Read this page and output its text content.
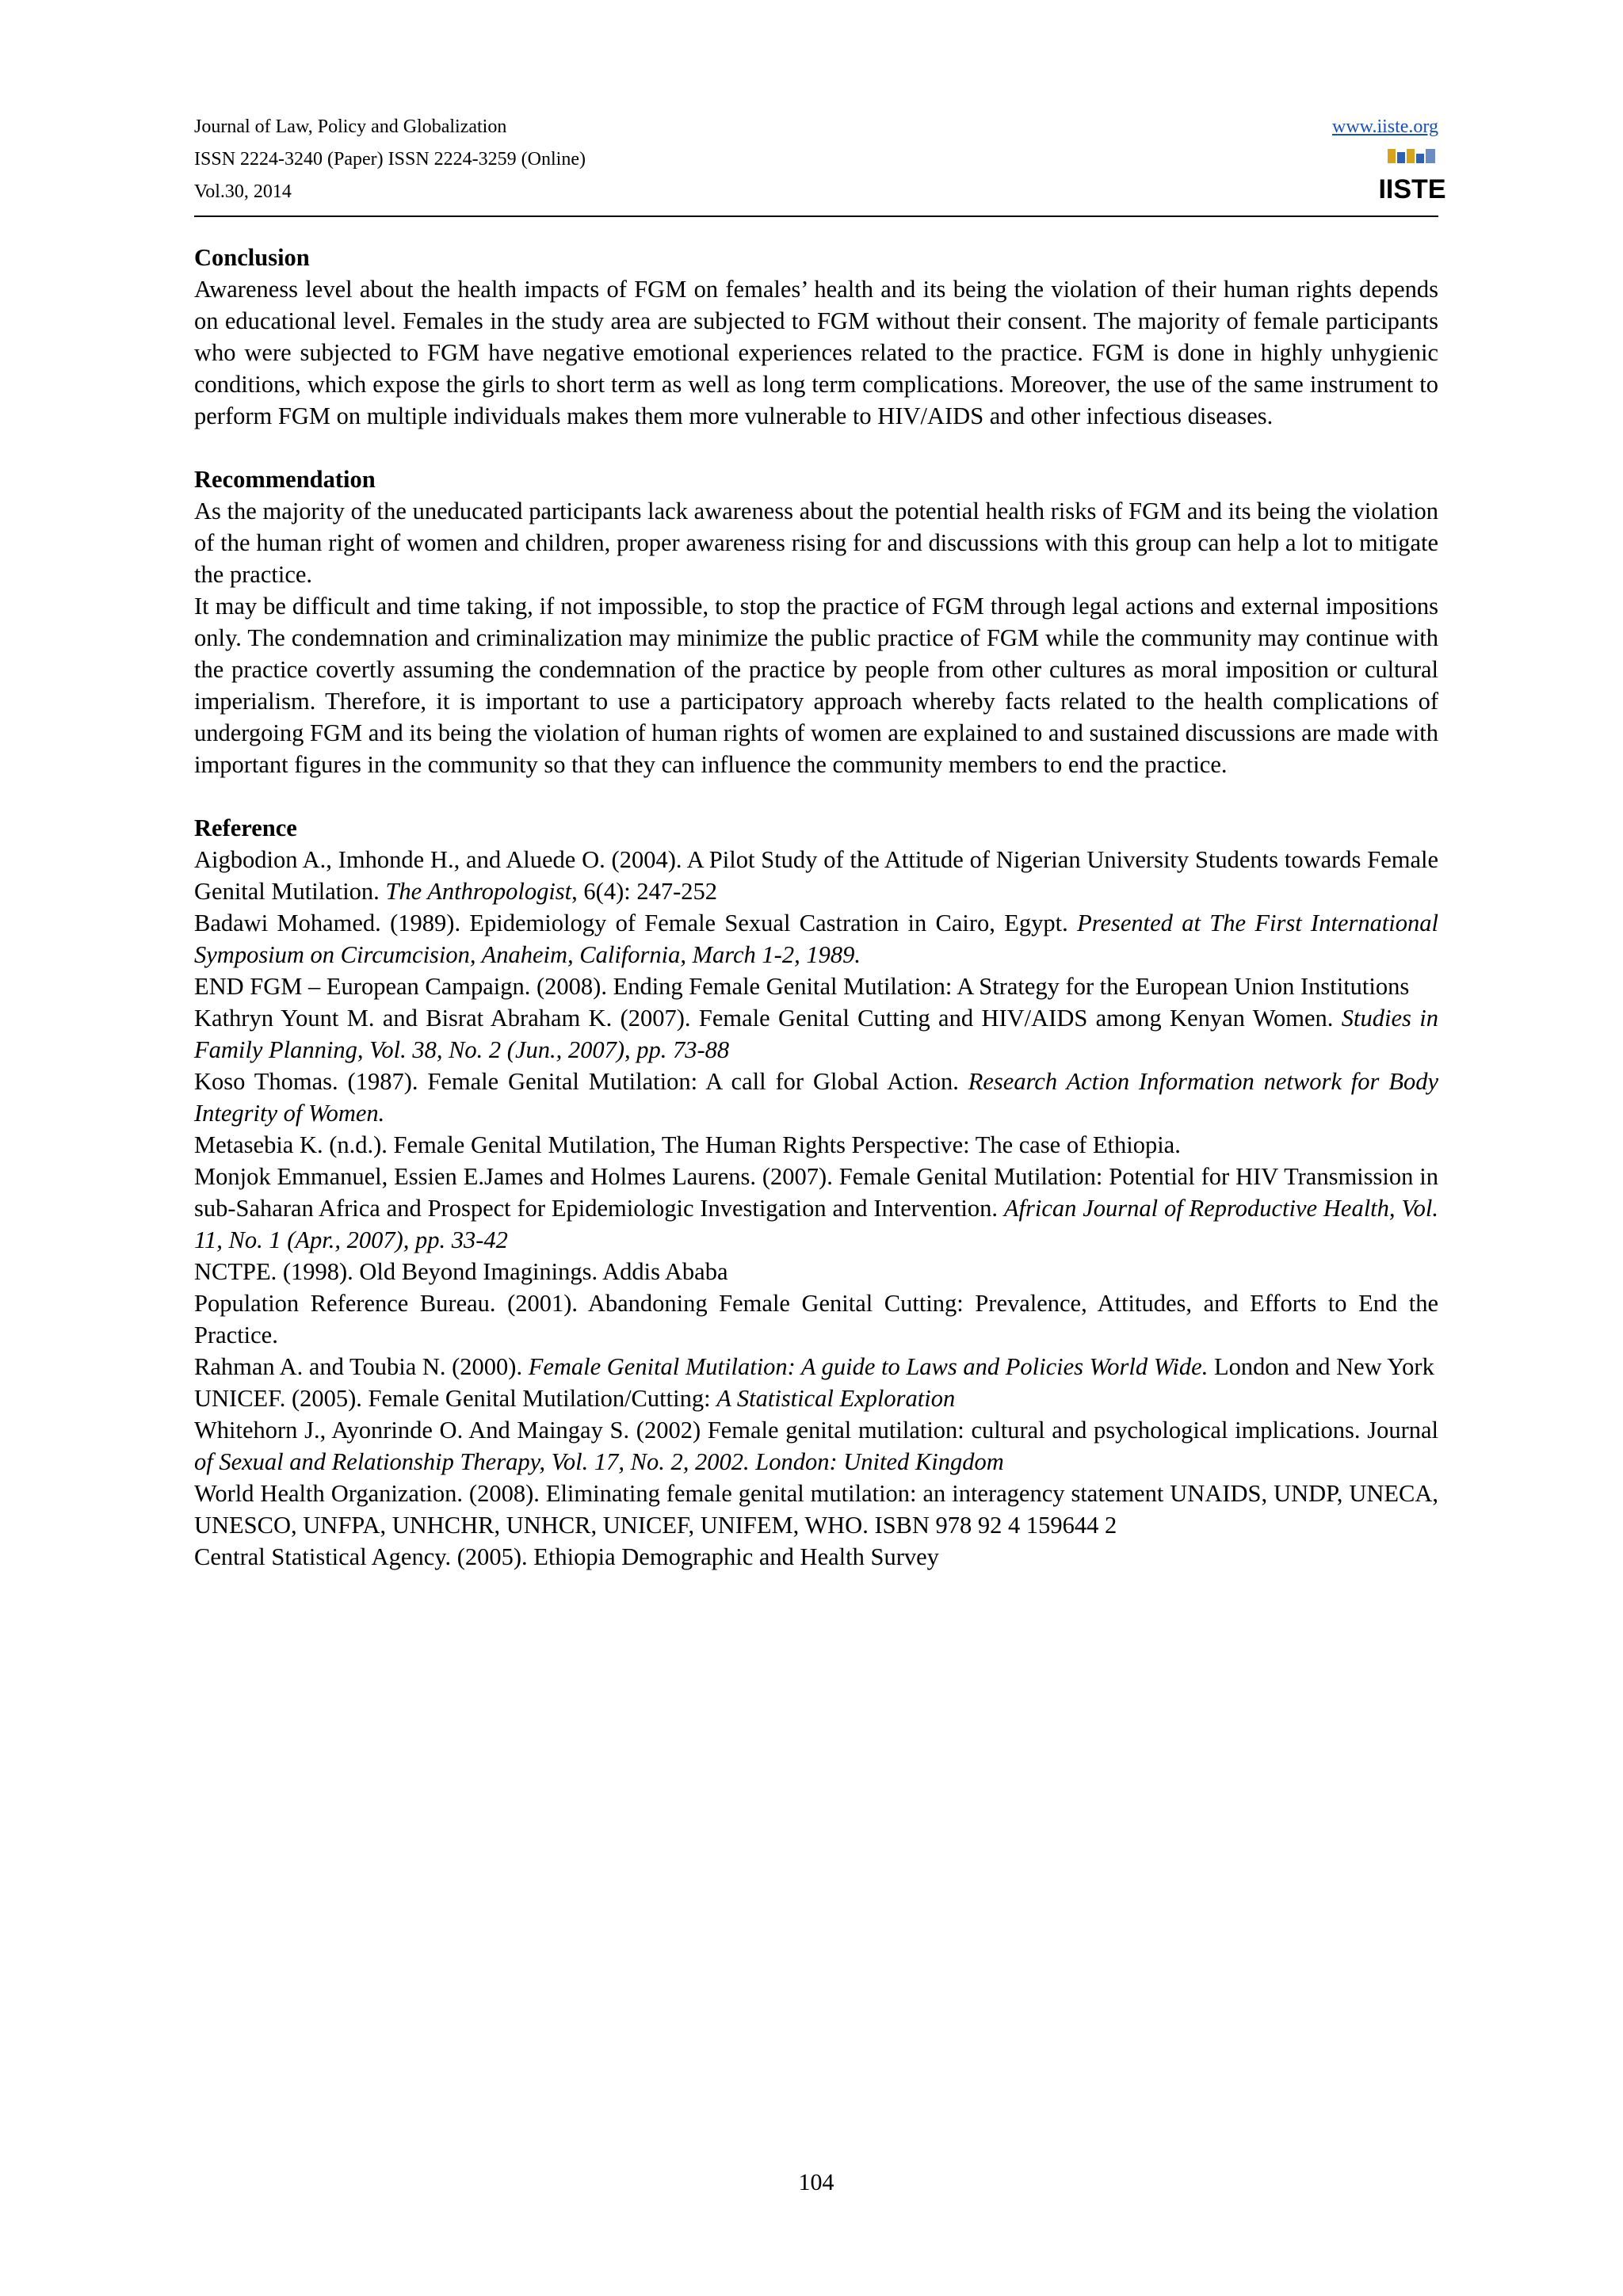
Journal of Law, Policy and Globalization
ISSN 2224-3240 (Paper) ISSN 2224-3259 (Online)
Vol.30, 2014
www.iiste.org
IISTE
Conclusion

Awareness level about the health impacts of FGM on females’ health and its being the violation of their human rights depends on educational level. Females in the study area are subjected to FGM without their consent. The majority of female participants who were subjected to FGM have negative emotional experiences related to the practice. FGM is done in highly unhygienic conditions, which expose the girls to short term as well as long term complications. Moreover, the use of the same instrument to perform FGM on multiple individuals makes them more vulnerable to HIV/AIDS and other infectious diseases.

Recommendation

As the majority of the uneducated participants lack awareness about the potential health risks of FGM and its being the violation of the human right of women and children, proper awareness rising for and discussions with this group can help a lot to mitigate the practice.

It may be difficult and time taking, if not impossible, to stop the practice of FGM through legal actions and external impositions only. The condemnation and criminalization may minimize the public practice of FGM while the community may continue with the practice covertly assuming the condemnation of the practice by people from other cultures as moral imposition or cultural imperialism. Therefore, it is important to use a participatory approach whereby facts related to the health complications of undergoing FGM and its being the violation of human rights of women are explained to and sustained discussions are made with important figures in the community so that they can influence the community members to end the practice.

Reference

Aigbodion A., Imhonde H., and Aluede O. (2004). A Pilot Study of the Attitude of Nigerian University Students towards Female Genital Mutilation. The Anthropologist, 6(4): 247-252

Badawi Mohamed. (1989). Epidemiology of Female Sexual Castration in Cairo, Egypt. Presented at The First International Symposium on Circumcision, Anaheim, California, March 1-2, 1989.

END FGM – European Campaign. (2008). Ending Female Genital Mutilation: A Strategy for the European Union Institutions

Kathryn Yount M. and Bisrat Abraham K. (2007). Female Genital Cutting and HIV/AIDS among Kenyan Women. Studies in Family Planning, Vol. 38, No. 2 (Jun., 2007), pp. 73-88

Koso Thomas. (1987). Female Genital Mutilation: A call for Global Action. Research Action Information network for Body Integrity of Women.

Metasebia K. (n.d.). Female Genital Mutilation, The Human Rights Perspective: The case of Ethiopia.

Monjok Emmanuel, Essien E.James and Holmes Laurens. (2007). Female Genital Mutilation: Potential for HIV Transmission in sub-Saharan Africa and Prospect for Epidemiologic Investigation and Intervention. African Journal of Reproductive Health, Vol. 11, No. 1 (Apr., 2007), pp. 33-42

NCTPE. (1998). Old Beyond Imaginings. Addis Ababa

Population Reference Bureau. (2001). Abandoning Female Genital Cutting: Prevalence, Attitudes, and Efforts to End the Practice.

Rahman A. and Toubia N. (2000). Female Genital Mutilation: A guide to Laws and Policies World Wide. London and New York

UNICEF. (2005). Female Genital Mutilation/Cutting: A Statistical Exploration

Whitehorn J., Ayonrinde O. And Maingay S. (2002) Female genital mutilation: cultural and psychological implications. Journal of Sexual and Relationship Therapy, Vol. 17, No. 2, 2002. London: United Kingdom

World Health Organization. (2008). Eliminating female genital mutilation: an interagency statement UNAIDS, UNDP, UNECA, UNESCO, UNFPA, UNHCHR, UNHCR, UNICEF, UNIFEM, WHO. ISBN 978 92 4 159644 2

Central Statistical Agency. (2005). Ethiopia Demographic and Health Survey

104
